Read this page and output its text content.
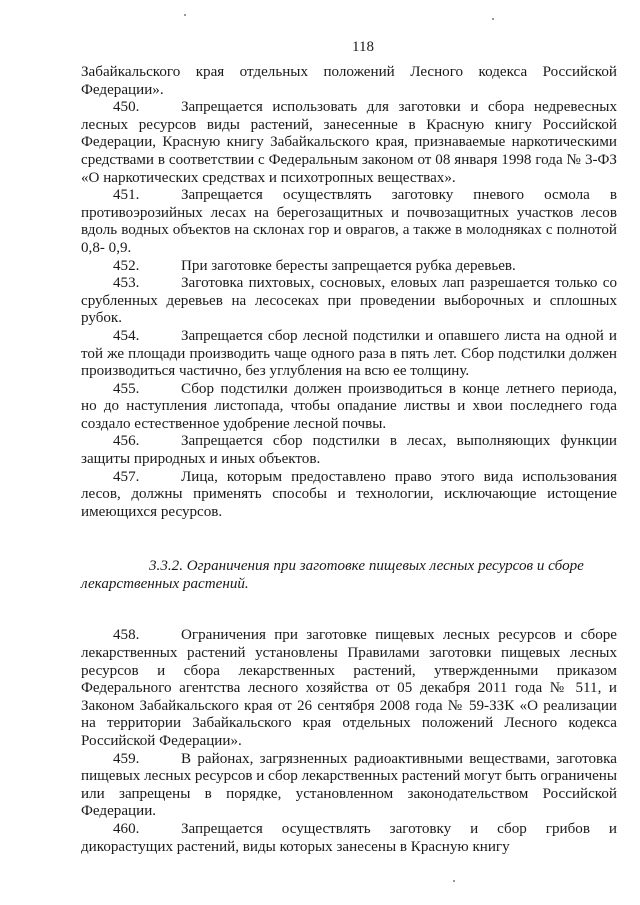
118

Забайкальского края отдельных положений Лесного кодекса Российской Федерации».

450.	Запрещается использовать для заготовки и сбора недревесных лесных ресурсов виды растений, занесенные в Красную книгу Российской Федерации, Красную книгу Забайкальского края, признаваемые наркотическими средствами в соответствии с Федеральным законом от 08 января 1998 года № 3-ФЗ «О наркотических средствах и психотропных веществах».

451.	Запрещается осуществлять заготовку пневого осмола в противоэрозийных лесах на берегозащитных и почвозащитных участков лесов вдоль водных объектов на склонах гор и оврагов, а также в молодняках с полнотой 0,8- 0,9.

452.	При заготовке бересты запрещается рубка деревьев.

453.	Заготовка пихтовых, сосновых, еловых лап разрешается только со срубленных деревьев на лесосеках при проведении выборочных и сплошных рубок.

454.	Запрещается сбор лесной подстилки и опавшего листа на одной и той же площади производить чаще одного раза в пять лет. Сбор подстилки должен производиться частично, без углубления на всю ее толщину.

455.	Сбор подстилки должен производиться в конце летнего периода, но до наступления листопада, чтобы опадание листвы и хвои последнего года создало естественное удобрение лесной почвы.

456.	Запрещается сбор подстилки в лесах, выполняющих функции защиты природных и иных объектов.

457.	Лица, которым предоставлено право этого вида использования лесов, должны применять способы и технологии, исключающие истощение имеющихся ресурсов.

3.3.2. Ограничения при заготовке пищевых лесных ресурсов и сборе
лекарственных растений.

458.	Ограничения при заготовке пищевых лесных ресурсов и сборе лекарственных растений установлены Правилами заготовки пищевых лесных ресурсов и сбора лекарственных растений, утвержденными приказом Федерального агентства лесного хозяйства от 05 декабря 2011 года № 511, и Законом Забайкальского края от 26 сентября 2008 года № 59-ЗЗК «О реализации на территории Забайкальского края отдельных положений Лесного кодекса Российской Федерации».

459.	В районах, загрязненных радиоактивными веществами, заготовка пищевых лесных ресурсов и сбор лекарственных растений могут быть ограничены или запрещены в порядке, установленном законодательством Российской Федерации.

460.	Запрещается осуществлять заготовку и сбор грибов и дикорастущих растений, виды которых занесены в Красную книгу
